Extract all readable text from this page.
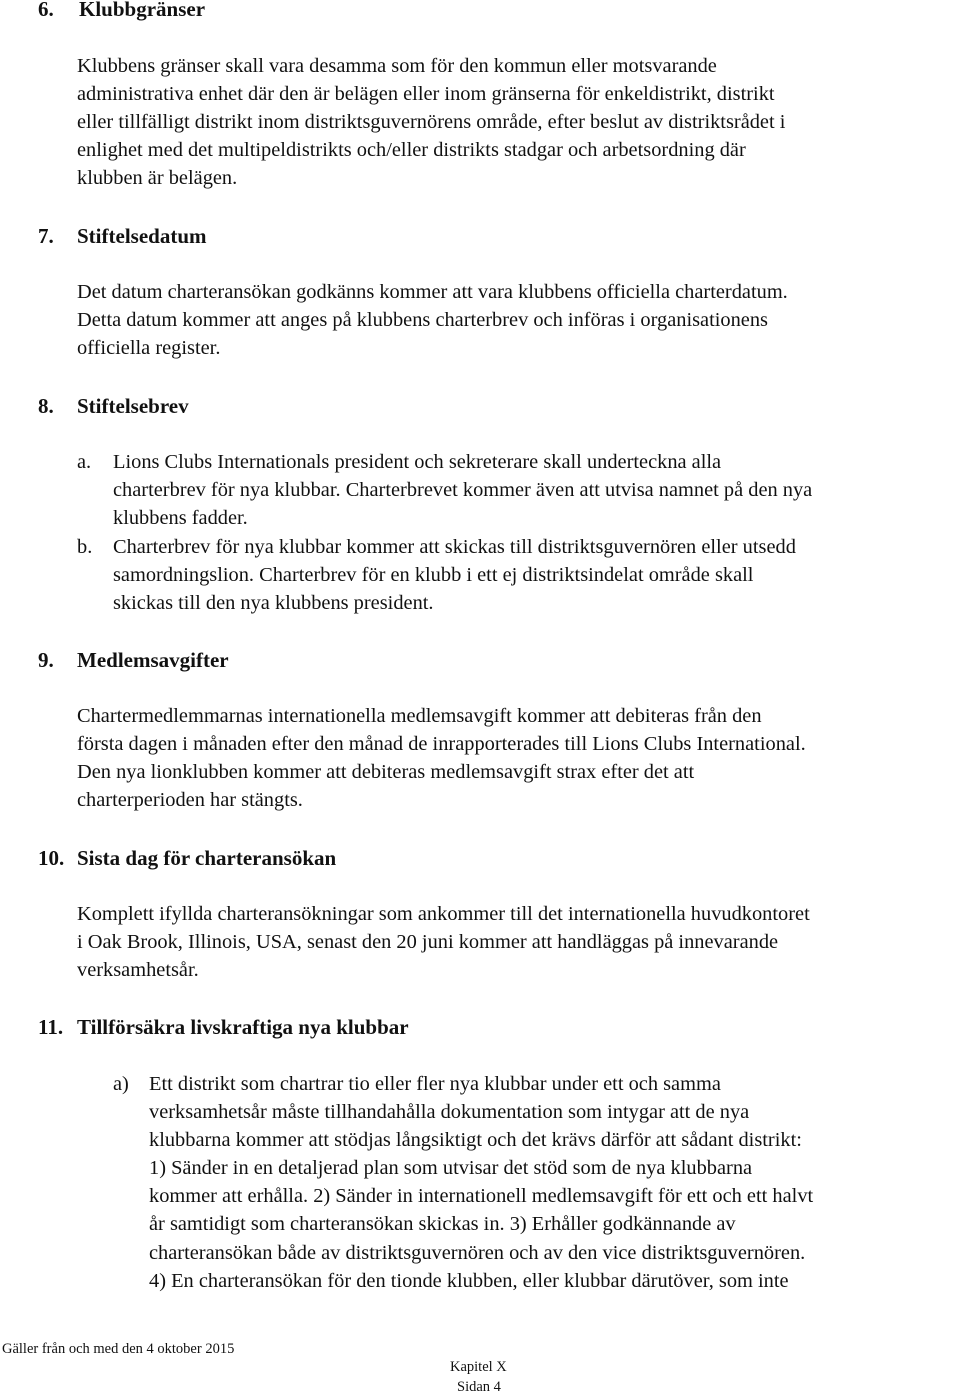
6. Klubbgränser
Klubbens gränser skall vara desamma som för den kommun eller motsvarande
administrativa enhet där den är belägen eller inom gränserna för enkeldistrikt, distrikt
eller tillfälligt distrikt inom distriktsguvernörens område, efter beslut av distriktsrådet i
enlighet med det multipeldistrikts och/eller distrikts stadgar och arbetsordning där
klubben är belägen.
7. Stiftelsedatum
Det datum charteransökan godkänns kommer att vara klubbens officiella charterdatum.
Detta datum kommer att anges på klubbens charterbrev och införas i organisationens
officiella register.
8. Stiftelsebrev
a. Lions Clubs Internationals president och sekreterare skall underteckna alla
charterbrev för nya klubbar. Charterbrevet kommer även att utvisa namnet på den nya
klubbens fadder.
b. Charterbrev för nya klubbar kommer att skickas till distriktsguvernören eller utsedd
samordningslion. Charterbrev för en klubb i ett ej distriktsindelat område skall
skickas till den nya klubbens president.
9. Medlemsavgifter
Chartermedlemmarnas internationella medlemsavgift kommer att debiteras från den
första dagen i månaden efter den månad de inrapporterades till Lions Clubs International.
Den nya lionklubben kommer att debiteras medlemsavgift strax efter det att
charterperioden har stängts.
10. Sista dag för charteransökan
Komplett ifyllda charteransökningar som ankommer till det internationella huvudkontoret
i Oak Brook, Illinois, USA, senast den 20 juni kommer att handläggas på innevarande
verksamhetsår.
11. Tillförsäkra livskraftiga nya klubbar
a) Ett distrikt som chartrar tio eller fler nya klubbar under ett och samma
verksamhetsår måste tillhandahålla dokumentation som intygar att de nya
klubbarna kommer att stödjas långsiktigt och det krävs därför att sådant distrikt:
1) Sänder in en detaljerad plan som utvisar det stöd som de nya klubbarna
kommer att erhålla. 2) Sänder in internationell medlemsavgift för ett och ett halvt
år samtidigt som charteransökan skickas in. 3) Erhåller godkännande av
charteransökan både av distriktsguvernören och av den vice distriktsguvernören.
4) En charteransökan för den tionde klubben, eller klubbar därutöver, som inte
Gäller från och med den 4 oktober 2015
Kapitel X
Sidan 4
